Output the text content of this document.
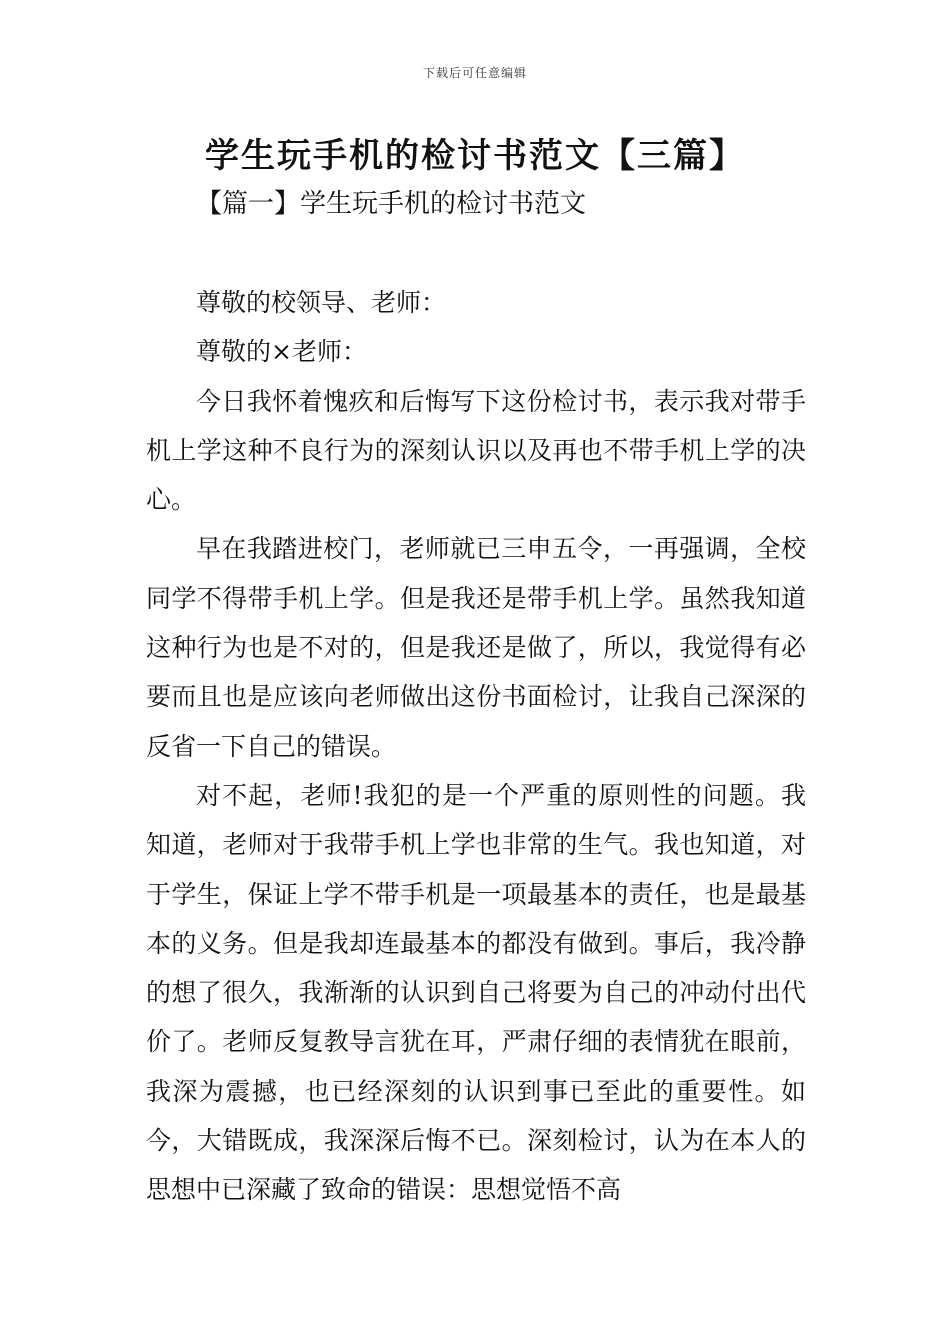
下载后可任意编辑
学生玩手机的检讨书范文【三篇】
【篇一】学生玩手机的检讨书范文

尊敬的校领导、老师：

尊敬的×老师：

今日我怀着愧疚和后悔写下这份检讨书，表示我对带手机上学这种不良行为的深刻认识以及再也不带手机上学的决心。

早在我踏进校门，老师就已三申五令，一再强调，全校同学不得带手机上学。但是我还是带手机上学。虽然我知道这种行为也是不对的，但是我还是做了，所以，我觉得有必要而且也是应该向老师做出这份书面检讨，让我自己深深的反省一下自己的错误。

对不起，老师!我犯的是一个严重的原则性的问题。我知道，老师对于我带手机上学也非常的生气。我也知道，对于学生，保证上学不带手机是一项最基本的责任，也是最基本的义务。但是我却连最基本的都没有做到。事后，我冷静的想了很久，我渐渐的认识到自己将要为自己的冲动付出代价了。老师反复教导言犹在耳，严肃仔细的表情犹在眼前，我深为震撼，也已经深刻的认识到事已至此的重要性。如今，大错既成，我深深后悔不已。深刻检讨，认为在本人的思想中已深藏了致命的错误：思想觉悟不高
